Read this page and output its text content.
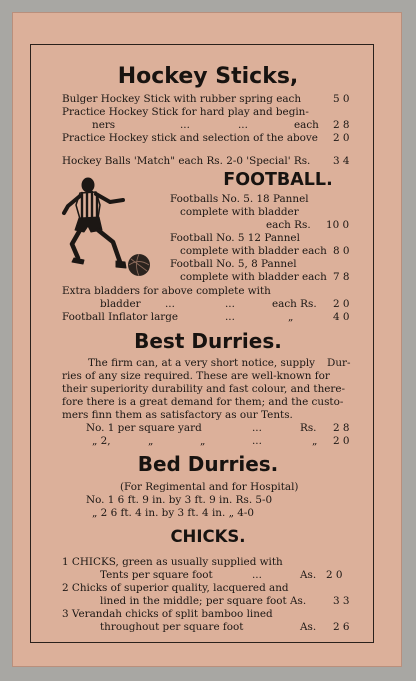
Hockey Sticks,
Bulger Hockey Stick with rubber spring each	5 0
Practice Hockey Stick for hard play and begin-
ners	...	...	each 2 8
Practice Hockey stick and selection of the above 2 0
Hockey Balls 'Match" each Rs. 2-0 'Special' Rs. 3 4
FOOTBALL.
Footballs No. 5. 18 Pannel
complete with bladder
each Rs. 10 0
Football No. 5 12 Pannel
complete with bladder each 8 0
Football No. 5, 8 Pannel
complete with bladder each 7 8
Extra bladders for above complete with
bladder ...	...	each Rs. 2 0
Football Inflator large	...	„	4 0
Best Durries.
The firm can, at a very short notice, supply Dur-
ries of any size required. These are well-known for
their superiority durability and fast colour, and there-
fore there is a great demand for them; and the custo-
mers finn them as satisfactory as our Tents.
No. 1 per square yard	...	Rs. 2 8
„ 2,	„	„	...	„ 2 0
Bed Durries.
(For Regimental and for Hospital)
No. 1 6 ft. 9 in. by 3 ft. 9 in. Rs. 5-0
„ 2 6 ft. 4 in. by 3 ft. 4 in. „ 4-0
CHICKS.
1 CHICKS, green as usually supplied with
Tents per square foot	...	As. 2 0
2 Chicks of superior quality, lacquered and
lined in the middle; per square foot As.	3 3
3 Verandah chicks of split bamboo lined
throughout per square foot	As. 2 6
